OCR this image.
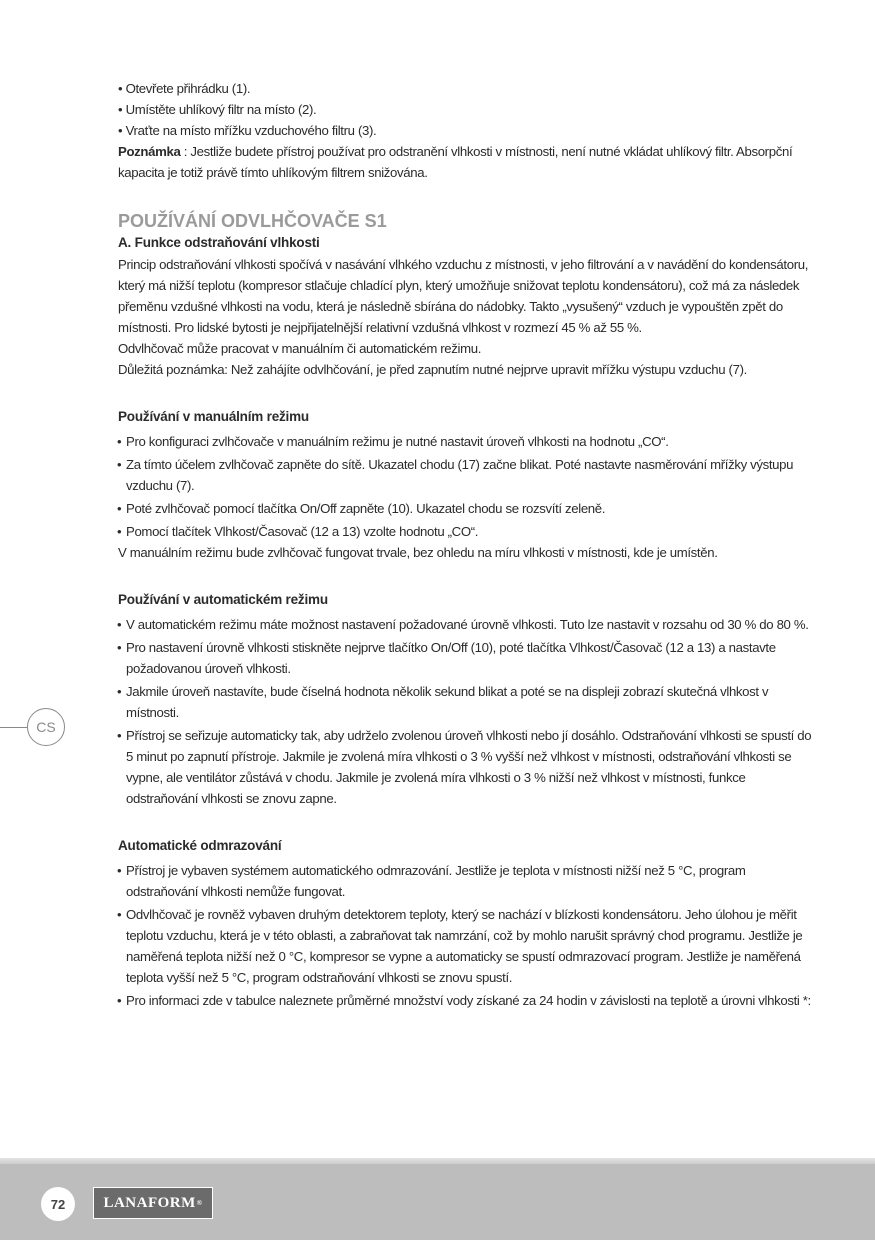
• Otevřete přihrádku (1).
• Umístěte uhlíkový filtr na místo (2).
• Vraťte na místo mřížku vzduchového filtru (3).

Poznámka : Jestliže budete přístroj používat pro odstranění vlhkosti v místnosti, není nutné vkládat uhlíkový filtr. Absorpční kapacita je totiž právě tímto uhlíkovým filtrem snižována.

POUŽÍVÁNÍ ODVLHČOVAČE S1
A. Funkce odstraňování vlhkosti

Princip odstraňování vlhkosti spočívá v nasávání vlhkého vzduchu z místnosti, v jeho filtrování a v navádění do kondensátoru, který má nižší teplotu (kompresor stlačuje chladící plyn, který umožňuje snižovat teplotu kondensátoru), což má za následek přeměnu vzdušné vlhkosti na vodu, která je následně sbírána do nádobky. Takto „vysušený“ vzduch je vypouštěn zpět do místnosti. Pro lidské bytosti je nejpřijatelnější relativní vzdušná vlhkost v rozmezí 45 % až 55 %.

Odvlhčovač může pracovat v manuálním či automatickém režimu.

Důležitá poznámka: Než zahájíte odvlhčování, je před zapnutím nutné nejprve upravit mřížku výstupu vzduchu (7).

Používání v manuálním režimu
• Pro konfiguraci zvlhčovače v manuálním režimu je nutné nastavit úroveň vlhkosti na hodnotu „CO“.
• Za tímto účelem zvlhčovač zapněte do sítě. Ukazatel chodu (17) začne blikat. Poté nastavte nasměrování mřížky výstupu vzduchu (7).
• Poté zvlhčovač pomocí tlačítka On/Off zapněte (10). Ukazatel chodu se rozsvítí zeleně.
• Pomocí tlačítek Vlhkost/Časovač (12 a 13) vzolte hodnotu „CO“.

V manuálním režimu bude zvlhčovač fungovat trvale, bez ohledu na míru vlhkosti v místnosti, kde je umístěn.

Používání v automatickém režimu
• V automatickém režimu máte možnost nastavení požadované úrovně vlhkosti. Tuto lze nastavit v rozsahu od 30 % do 80 %.
• Pro nastavení úrovně vlhkosti stiskněte nejprve tlačítko On/Off (10), poté tlačítka Vlhkost/Časovač (12 a 13) a nastavte požadovanou úroveň vlhkosti.
• Jakmile úroveň nastavíte, bude číselná hodnota několik sekund blikat a poté se na displeji zobrazí skutečná vlhkost v místnosti.
• Přístroj se seřizuje automaticky tak, aby udrželo zvolenou úroveň vlhkosti nebo jí dosáhlo. Odstraňování vlhkosti se spustí do 5 minut po zapnutí přístroje. Jakmile je zvolená míra vlhkosti o 3 % vyšší než vlhkost v místnosti, odstraňování vlhkosti se vypne, ale ventilátor zůstává v chodu. Jakmile je zvolená míra vlhkosti o 3 % nižší než vlhkost v místnosti, funkce odstraňování vlhkosti se znovu zapne.
Automatické odmrazování
• Přístroj je vybaven systémem automatického odmrazování. Jestliže je teplota v místnosti nižší než 5 °C, program odstraňování vlhkosti nemůže fungovat.
• Odvlhčovač je rovněž vybaven druhým detektorem teploty, který se nachází v blízkosti kondensátoru. Jeho úlohou je měřit teplotu vzduchu, která je v této oblasti, a zabraňovat tak namrzání, což by mohlo narušit správný chod programu. Jestliže je naměřená teplota nižší než 0 °C, kompresor se vypne a automaticky se spustí odmrazovací program. Jestliže je naměřená teplota vyšší než 5 °C, program odstraňování vlhkosti se znovu spustí.
• Pro informaci zde v tabulce naleznete průměrné množství vody získané za 24 hodin v závislosti na teplotě a úrovni vlhkosti *:
CS
72	LANAFORM ®
